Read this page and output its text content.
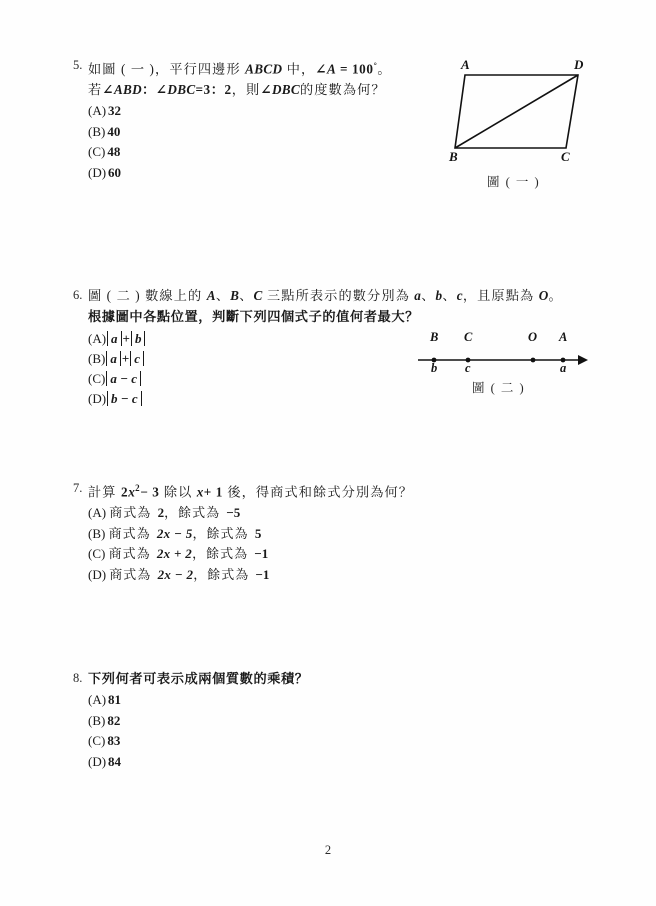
5. 如圖 ( 一 )，平行四邊形 ABCD 中，∠A = 100°。
若∠ABD：∠DBC=3：2，則∠DBC的度數為何？
(A) 32
(B) 40
(C) 48
(D) 60
A	D
B	C
圖 ( 一 )
6. 圖 ( 二 ) 數線上的 A、B、C 三點所表示的數分別為 a、b、c，且原點為 O。
根據圖中各點位置，判斷下列四個式子的值何者最大？
(A) a + b
(B) a + c
(C) a − c
(D) b − c
B
b
C
c
O A
a
圖 ( 二 )
7. 計算 $2x^2- 3$ 除以 x+ 1 後，得商式和餘式分別為何？
(A) 商式為 2，餘式為 −5
(B) 商式為 2x − 5，餘式為 5
(C) 商式為 2x + 2，餘式為 −1
(D) 商式為 2x − 2，餘式為 −1
8. 下列何者可表示成兩個質數的乘積？
(A) 81
(B) 82
(C) 83
(D) 84
2
